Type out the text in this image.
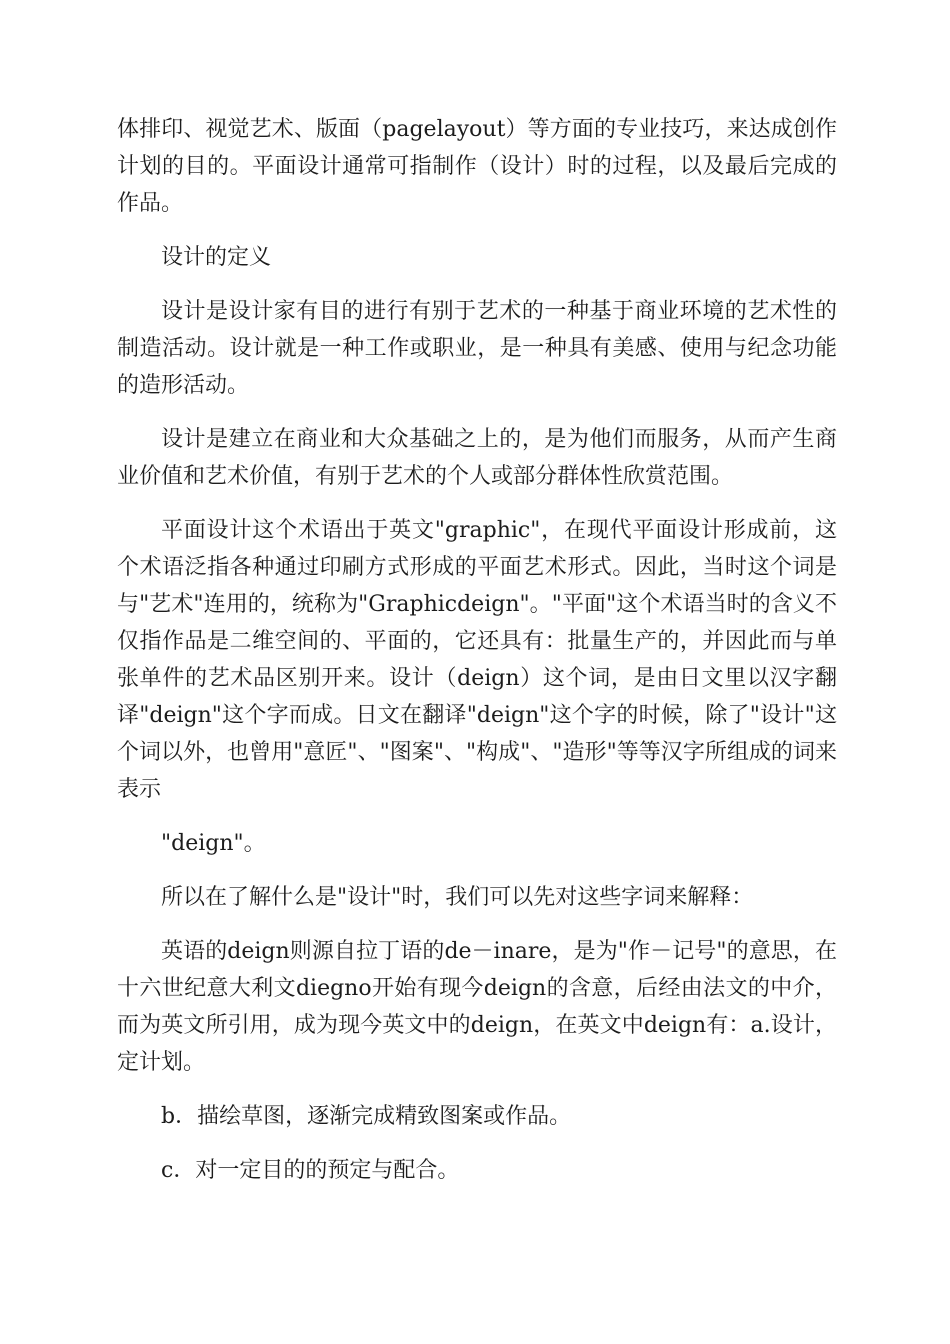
体排印、视觉艺术、版面（pagelayout）等方面的专业技巧，来达成创作计划的目的。平面设计通常可指制作（设计）时的过程，以及最后完成的作品。

设计的定义

设计是设计家有目的进行有别于艺术的一种基于商业环境的艺术性的制造活动。设计就是一种工作或职业，是一种具有美感、使用与纪念功能的造形活动。

设计是建立在商业和大众基础之上的，是为他们而服务，从而产生商业价值和艺术价值，有别于艺术的个人或部分群体性欣赏范围。

平面设计这个术语出于英文"graphic"，在现代平面设计形成前，这个术语泛指各种通过印刷方式形成的平面艺术形式。因此，当时这个词是与"艺术"连用的，统称为"Graphicdeign"。"平面"这个术语当时的含义不仅指作品是二维空间的、平面的，它还具有：批量生产的，并因此而与单张单件的艺术品区别开来。设计（deign）这个词，是由日文里以汉字翻译"deign"这个字而成。日文在翻译"deign"这个字的时候，除了"设计"这个词以外，也曾用"意匠"、"图案"、"构成"、"造形"等等汉字所组成的词来表示

"deign"。

所以在了解什么是"设计"时，我们可以先对这些字词来解释：

英语的deign则源自拉丁语的de－inare，是为"作－记号"的意思，在十六世纪意大利文diegno开始有现今deign的含意，后经由法文的中介，而为英文所引用，成为现今英文中的deign，在英文中deign有：a.设计，定计划。

b．描绘草图，逐渐完成精致图案或作品。

c．对一定目的的预定与配合。
